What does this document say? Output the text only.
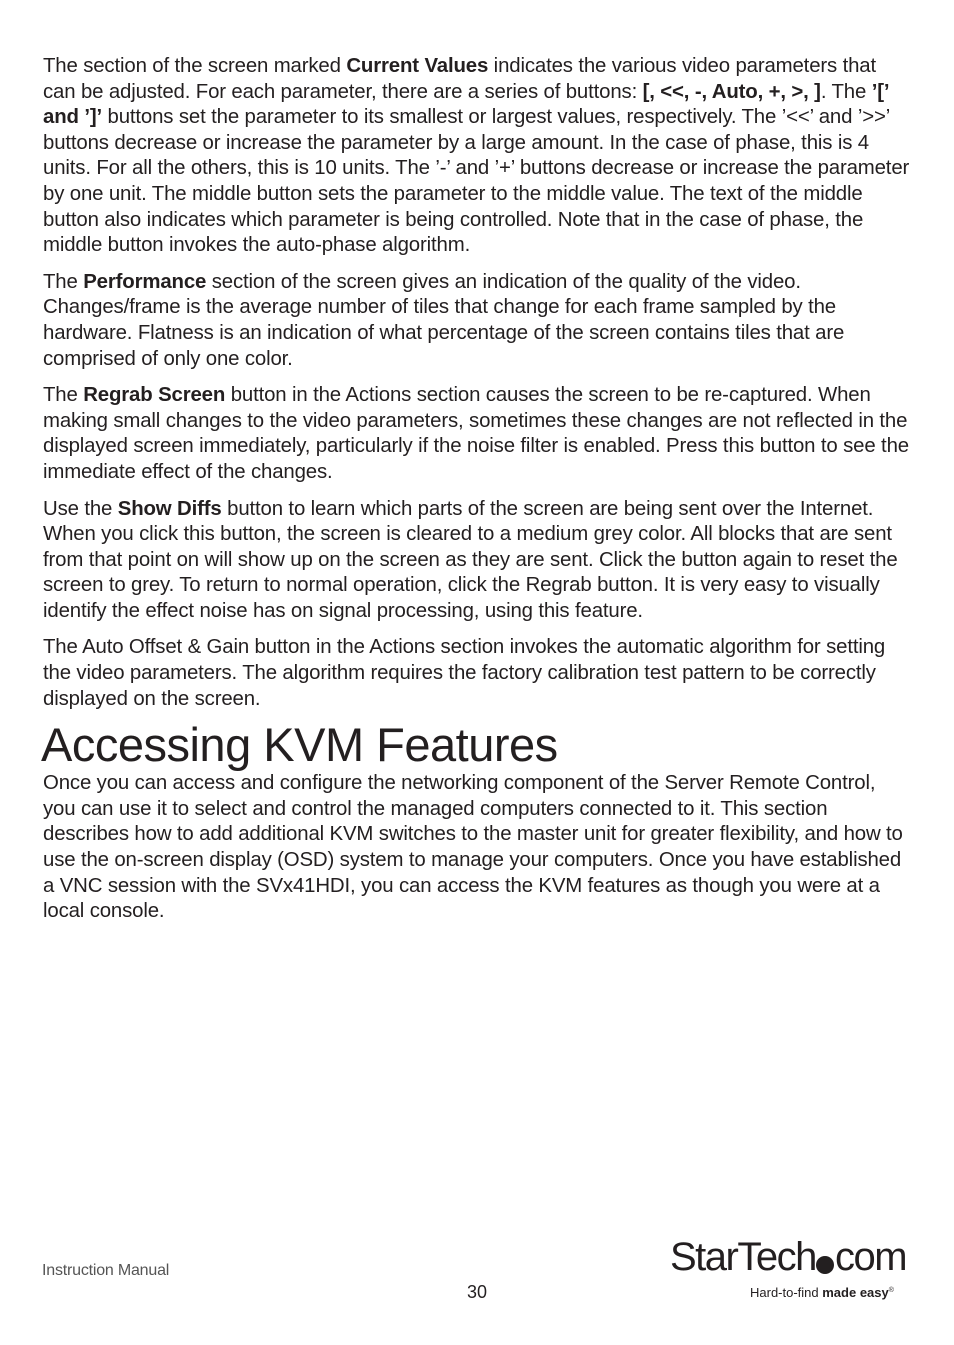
The section of the screen marked Current Values indicates the various video parameters that can be adjusted. For each parameter, there are a series of buttons: [, <<, -, Auto, +, >, ]. The ’[’ and ’]’ buttons set the parameter to its smallest or largest values, respectively. The ’<<’ and ’>>’ buttons decrease or increase the parameter by a large amount. In the case of phase, this is 4 units. For all the others, this is 10 units. The ’-’ and ’+’ buttons decrease or increase the parameter by one unit. The middle button sets the parameter to the middle value. The text of the middle button also indicates which parameter is being controlled. Note that in the case of phase, the middle button invokes the auto-phase algorithm.

The Performance section of the screen gives an indication of the quality of the video. Changes/frame is the average number of tiles that change for each frame sampled by the hardware. Flatness is an indication of what percentage of the screen contains tiles that are comprised of only one color.

The Regrab Screen button in the Actions section causes the screen to be re-captured. When making small changes to the video parameters, sometimes these changes are not reflected in the displayed screen immediately, particularly if the noise filter is enabled. Press this button to see the immediate effect of the changes.

Use the Show Diffs button to learn which parts of the screen are being sent over the Internet. When you click this button, the screen is cleared to a medium grey color. All blocks that are sent from that point on will show up on the screen as they are sent. Click the button again to reset the screen to grey. To return to normal operation, click the Regrab button. It is very easy to visually identify the effect noise has on signal processing, using this feature.

The Auto Offset & Gain button in the Actions section invokes the automatic algorithm for setting the video parameters. The algorithm requires the factory calibration test pattern to be correctly displayed on the screen.

Accessing KVM Features

Once you can access and configure the networking component of the Server Remote Control, you can use it to select and control the managed computers connected to it. This section describes how to add additional KVM switches to the master unit for greater flexibility, and how to use the on-screen display (OSD) system to manage your computers. Once you have established a VNC session with the SVx41HDI, you can access the KVM features as though you were at a local console.

Instruction Manual
30
StarTech com
Hard-to-find made easy®
